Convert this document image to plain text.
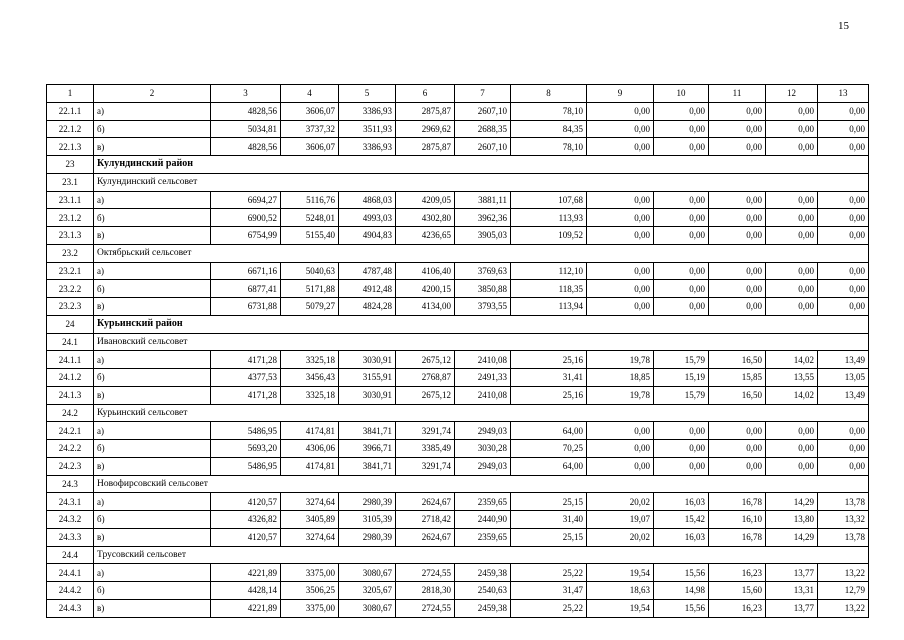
15
1	2	3	4	5	6	7	8	9	10	11	12	13
22.1.1	а)	4828,56	3606,07	3386,93	2875,87	2607,10	78,10	0,00	0,00	0,00	0,00	0,00
22.1.2	б)	5034,81	3737,32	3511,93	2969,62	2688,35	84,35	0,00	0,00	0,00	0,00	0,00
22.1.3	в)	4828,56	3606,07	3386,93	2875,87	2607,10	78,10	0,00	0,00	0,00	0,00	0,00
23	Кулундинский район											
23.1	Кулундинский сельсовет											
23.1.1	а)	6694,27	5116,76	4868,03	4209,05	3881,11	107,68	0,00	0,00	0,00	0,00	0,00
23.1.2	б)	6900,52	5248,01	4993,03	4302,80	3962,36	113,93	0,00	0,00	0,00	0,00	0,00
23.1.3	в)	6754,99	5155,40	4904,83	4236,65	3905,03	109,52	0,00	0,00	0,00	0,00	0,00
23.2	Октябрьский сельсовет											
23.2.1	а)	6671,16	5040,63	4787,48	4106,40	3769,63	112,10	0,00	0,00	0,00	0,00	0,00
23.2.2	б)	6877,41	5171,88	4912,48	4200,15	3850,88	118,35	0,00	0,00	0,00	0,00	0,00
23.2.3	в)	6731,88	5079,27	4824,28	4134,00	3793,55	113,94	0,00	0,00	0,00	0,00	0,00
24	Курьинский район											
24.1	Ивановский сельсовет											
24.1.1	а)	4171,28	3325,18	3030,91	2675,12	2410,08	25,16	19,78	15,79	16,50	14,02	13,49
24.1.2	б)	4377,53	3456,43	3155,91	2768,87	2491,33	31,41	18,85	15,19	15,85	13,55	13,05
24.1.3	в)	4171,28	3325,18	3030,91	2675,12	2410,08	25,16	19,78	15,79	16,50	14,02	13,49
24.2	Курьинский сельсовет											
24.2.1	а)	5486,95	4174,81	3841,71	3291,74	2949,03	64,00	0,00	0,00	0,00	0,00	0,00
24.2.2	б)	5693,20	4306,06	3966,71	3385,49	3030,28	70,25	0,00	0,00	0,00	0,00	0,00
24.2.3	в)	5486,95	4174,81	3841,71	3291,74	2949,03	64,00	0,00	0,00	0,00	0,00	0,00
24.3	Новофирсовский сельсовет											
24.3.1	а)	4120,57	3274,64	2980,39	2624,67	2359,65	25,15	20,02	16,03	16,78	14,29	13,78
24.3.2	б)	4326,82	3405,89	3105,39	2718,42	2440,90	31,40	19,07	15,42	16,10	13,80	13,32
24.3.3	в)	4120,57	3274,64	2980,39	2624,67	2359,65	25,15	20,02	16,03	16,78	14,29	13,78
24.4	Трусовский сельсовет											
24.4.1	а)	4221,89	3375,00	3080,67	2724,55	2459,38	25,22	19,54	15,56	16,23	13,77	13,22
24.4.2	б)	4428,14	3506,25	3205,67	2818,30	2540,63	31,47	18,63	14,98	15,60	13,31	12,79
24.4.3	в)	4221,89	3375,00	3080,67	2724,55	2459,38	25,22	19,54	15,56	16,23	13,77	13,22
